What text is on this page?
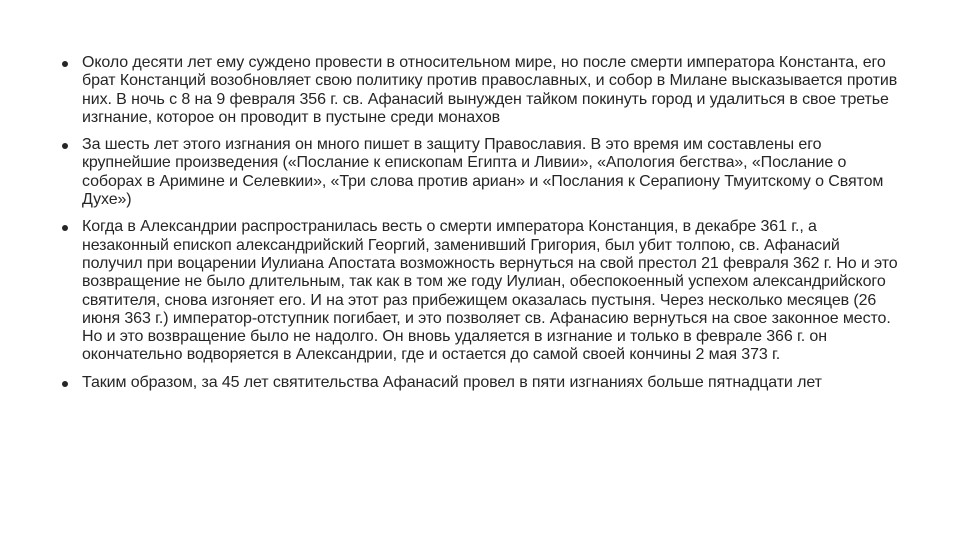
Около десяти лет ему суждено провести в относительном мире, но после смерти императора Константа, его брат Констанций возобновляет свою политику против православных, и собор в Милане высказывается против них. В ночь с 8 на 9 февраля 356 г. св. Афанасий вынужден тайком покинуть город и удалиться в свое третье изгнание, которое он проводит в пустыне среди монахов
За шесть лет этого изгнания он много пишет в защиту Православия. В это время им составлены его крупнейшие произведения («Послание к епископам Египта и Ливии», «Апология бегства», «Послание о соборах в Аримине и Селевкии», «Три слова против ариан» и «Послания к Серапиону Тмуитскому о Святом Духе»)
Когда в Александрии распространилась весть о смерти императора Констанция, в декабре 361 г., а незаконный епископ александрийский Георгий, заменивший Григория, был убит толпою, св. Афанасий получил при воцарении Иулиана Апостата возможность вернуться на свой престол 21 февраля 362 г. Но и это возвращение не было длительным, так как в том же году Иулиан, обеспокоенный успехом александрийского святителя, снова изгоняет его. И на этот раз прибежищем оказалась пустыня. Через несколько месяцев (26 июня 363 г.) император-отступник погибает, и это позволяет св. Афанасию вернуться на свое законное место. Но и это возвращение было не надолго. Он вновь удаляется в изгнание и только в феврале 366 г. он окончательно водворяется в Александрии, где и остается до самой своей кончины 2 мая 373 г.
Таким образом, за 45 лет святительства Афанасий провел в пяти изгнаниях больше пятнадцати лет
